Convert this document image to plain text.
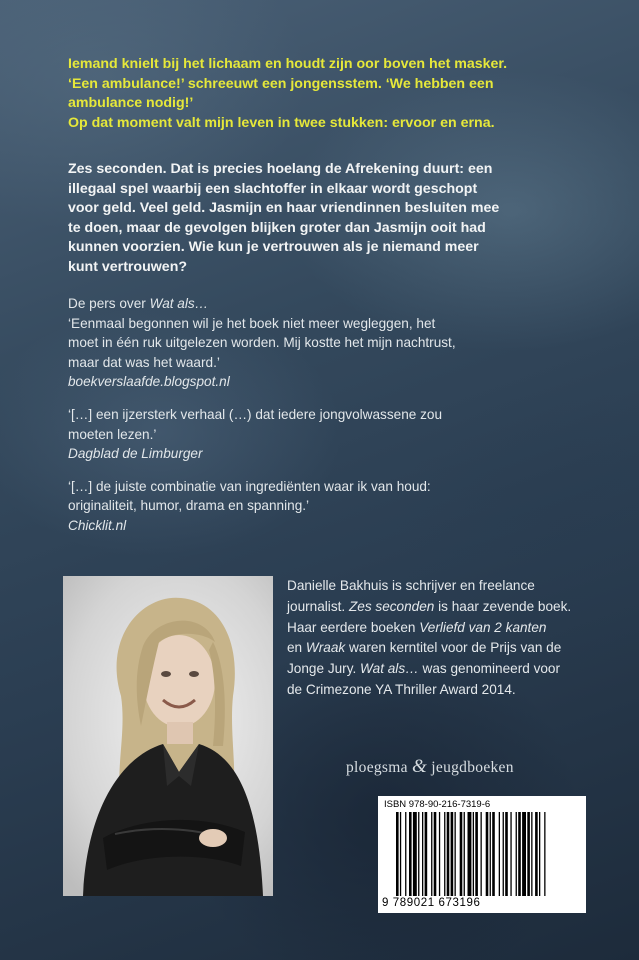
Iemand knielt bij het lichaam en houdt zijn oor boven het masker.
‘Een ambulance!’ schreeuwt een jongensstem. ‘We hebben een
ambulance nodig!’
Op dat moment valt mijn leven in twee stukken: ervoor en erna.
Zes seconden. Dat is precies hoelang de Afrekening duurt: een
illegaal spel waarbij een slachtoffer in elkaar wordt geschopt
voor geld. Veel geld. Jasmijn en haar vriendinnen besluiten mee
te doen, maar de gevolgen blijken groter dan Jasmijn ooit had
kunnen voorzien. Wie kun je vertrouwen als je niemand meer
kunt vertrouwen?
De pers over Wat als…
‘Eenmaal begonnen wil je het boek niet meer wegleggen, het
moet in één ruk uitgelezen worden. Mij kostte het mijn nachtrust,
maar dat was het waard.’
boekverslaafde.blogspot.nl
‘[…] een ijzersterk verhaal (…) dat iedere jongvolwassene zou
moeten lezen.’
Dagblad de Limburger
‘[…] de juiste combinatie van ingrediënten waar ik van houd:
originaliteit, humor, drama en spanning.’
Chicklit.nl
Danielle Bakhuis is schrijver en freelance
journalist. Zes seconden is haar zevende boek.
Haar eerdere boeken Verliefd van 2 kanten
en Wraak waren kerntitel voor de Prijs van de
Jonge Jury. Wat als… was genomineerd voor
de Crimezone YA Thriller Award 2014.
ploegsma & jeugdboeken
ISBN 978-90-216-7319-6
9 789021 673196
